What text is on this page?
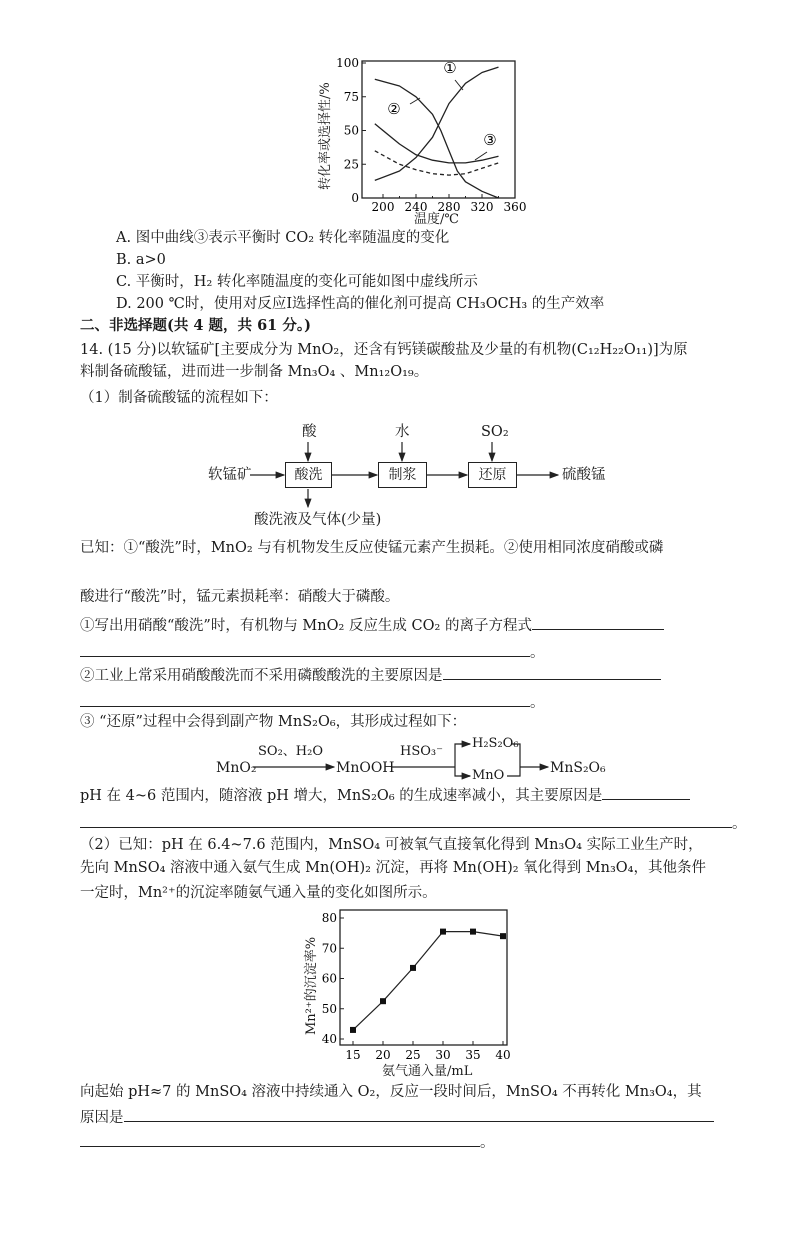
200 240 280 320 360
0
25
50
75
100	①
②
③
转化率或选择性/%
温度/℃
A. 图中曲线③表示平衡时 CO₂ 转化率随温度的变化
B. a>0
C. 平衡时，H₂ 转化率随温度的变化可能如图中虚线所示
D. 200 ℃时，使用对反应I选择性高的催化剂可提高 CH₃OCH₃ 的生产效率
二、非选择题(共 4 题，共 61 分。)
14. (15 分)以软锰矿[主要成分为 MnO₂，还含有钙镁碳酸盐及少量的有机物(C₁₂H₂₂O₁₁)]为原
料制备硫酸锰，进而进一步制备 Mn₃O₄ 、Mn₁₂O₁₉。
（1）制备硫酸锰的流程如下：
软锰矿	酸洗	制浆	还原	硫酸锰
酸	水	SO₂
酸洗液及气体(少量)
已知：①“酸洗”时，MnO₂ 与有机物发生反应使锰元素产生损耗。②使用相同浓度硝酸或磷
酸进行“酸洗”时，锰元素损耗率：硝酸大于磷酸。
①写出用硝酸“酸洗”时，有机物与 MnO₂ 反应生成 CO₂ 的离子方程式
。
②工业上常采用硝酸酸洗而不采用磷酸酸洗的主要原因是
。
③ “还原”过程中会得到副产物 MnS₂O₆，其形成过程如下：
MnO₂
SO₂、H₂O
MnOOH
HSO₃⁻
H₂S₂O₆
MnO	MnS₂O₆
pH 在 4~6 范围内，随溶液 pH 增大，MnS₂O₆ 的生成速率减小，其主要原因是
。
（2）已知：pH 在 6.4~7.6 范围内，MnSO₄ 可被氧气直接氧化得到 Mn₃O₄ 实际工业生产时，
先向 MnSO₄ 溶液中通入氨气生成 Mn(OH)₂ 沉淀，再将 Mn(OH)₂ 氧化得到 Mn₃O₄，其他条件
一定时，Mn²⁺的沉淀率随氨气通入量的变化如图所示。
15 20 25 30 35 40
40
50
60
70
80
Mn²⁺的沉淀率%
氨气通入量/mL
向起始 pH≈7 的 MnSO₄ 溶液中持续通入 O₂，反应一段时间后，MnSO₄ 不再转化 Mn₃O₄，其
原因是
。
